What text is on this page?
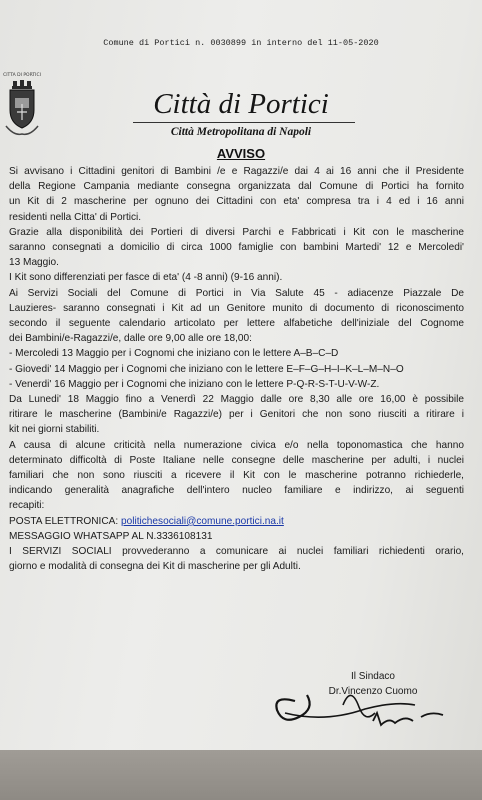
Comune di Portici n. 0030899 in interno del 11-05-2020
CITTA DI PORTICI
Città di Portici
Città Metropolitana di Napoli
AVVISO

Si avvisano i Cittadini genitori di Bambini /e e Ragazzi/e dai 4 ai 16 anni che il Presidente

della Regione Campania mediante consegna organizzata dal Comune di Portici ha fornito

un Kit di 2 mascherine per ognuno dei Cittadini con eta' compresa tra i 4 ed i 16 anni

residenti nella Citta' di Portici.

Grazie alla disponibilità dei Portieri di diversi Parchi e Fabbricati i Kit con le mascherine

saranno consegnati a domicilio di circa 1000 famiglie con bambini Martedi' 12 e Mercoledi'

13 Maggio.

I Kit sono differenziati per fasce di eta' (4 -8 anni) (9-16 anni).

Ai Servizi Sociali del Comune di Portici in Via Salute 45 - adiacenze Piazzale De

Lauzieres- saranno consegnati i Kit ad un Genitore munito di documento di riconoscimento

secondo il seguente calendario articolato per lettere alfabetiche dell'iniziale del Cognome

dei Bambini/e-Ragazzi/e, dalle ore 9,00 alle ore 18,00:

- Mercoledi 13 Maggio per i Cognomi che iniziano con le lettere A–B–C–D

- Giovedi' 14 Maggio per i Cognomi che iniziano con le lettere E–F–G–H–I–K–L–M–N–O

- Venerdi' 16 Maggio per i Cognomi che iniziano con le lettere P-Q-R-S-T-U-V-W-Z.

Da Lunedi' 18 Maggio fino a Venerdì 22 Maggio dalle ore 8,30 alle ore 16,00 è possibile

ritirare le mascherine (Bambini/e Ragazzi/e) per i Genitori che non sono riusciti a ritirare i

kit nei giorni stabiliti.

A causa di alcune criticità nella numerazione civica e/o nella toponomastica che hanno

determinato difficoltà di Poste Italiane nelle consegne delle mascherine per adulti, i nuclei

familiari che non sono riusciti a ricevere il Kit con le mascherine potranno richiederle,

indicando generalità anagrafiche dell'intero nucleo familiare e indirizzo, ai seguenti

recapiti:

POSTA ELETTRONICA: politichesociali@comune.portici.na.it

MESSAGGIO WHATSAPP AL N.3336108131

I SERVIZI SOCIALI provvederanno a comunicare ai nuclei familiari richiedenti orario,

giorno e modalità di consegna dei Kit di mascherine per gli Adulti.

Il Sindaco
Dr.Vincenzo Cuomo
